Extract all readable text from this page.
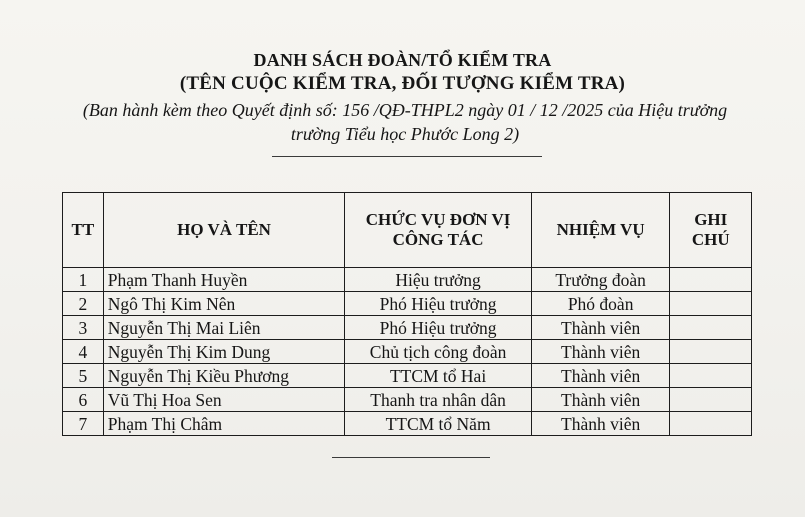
DANH SÁCH ĐOÀN/TỔ KIỂM TRA
(TÊN CUỘC KIỂM TRA, ĐỐI TƯỢNG KIỂM TRA)
(Ban hành kèm theo Quyết định số: 156 /QĐ-THPL2 ngày 01 / 12 /2025 của Hiệu trưởng trường Tiểu học Phước Long 2)
TT	HỌ VÀ TÊN	CHỨC VỤ ĐƠN VỊ CÔNG TÁC	NHIỆM VỤ	GHI CHÚ
1	Phạm Thanh Huyền	Hiệu trưởng	Trưởng đoàn	
2	Ngô Thị Kim Nên	Phó Hiệu trưởng	Phó đoàn	
3	Nguyễn Thị Mai Liên	Phó Hiệu trưởng	Thành viên	
4	Nguyễn Thị Kim Dung	Chủ tịch công đoàn	Thành viên	
5	Nguyễn Thị Kiều Phương	TTCM tổ Hai	Thành viên	
6	Vũ Thị Hoa Sen	Thanh tra nhân dân	Thành viên	
7	Phạm Thị Châm	TTCM tổ Năm	Thành viên	
